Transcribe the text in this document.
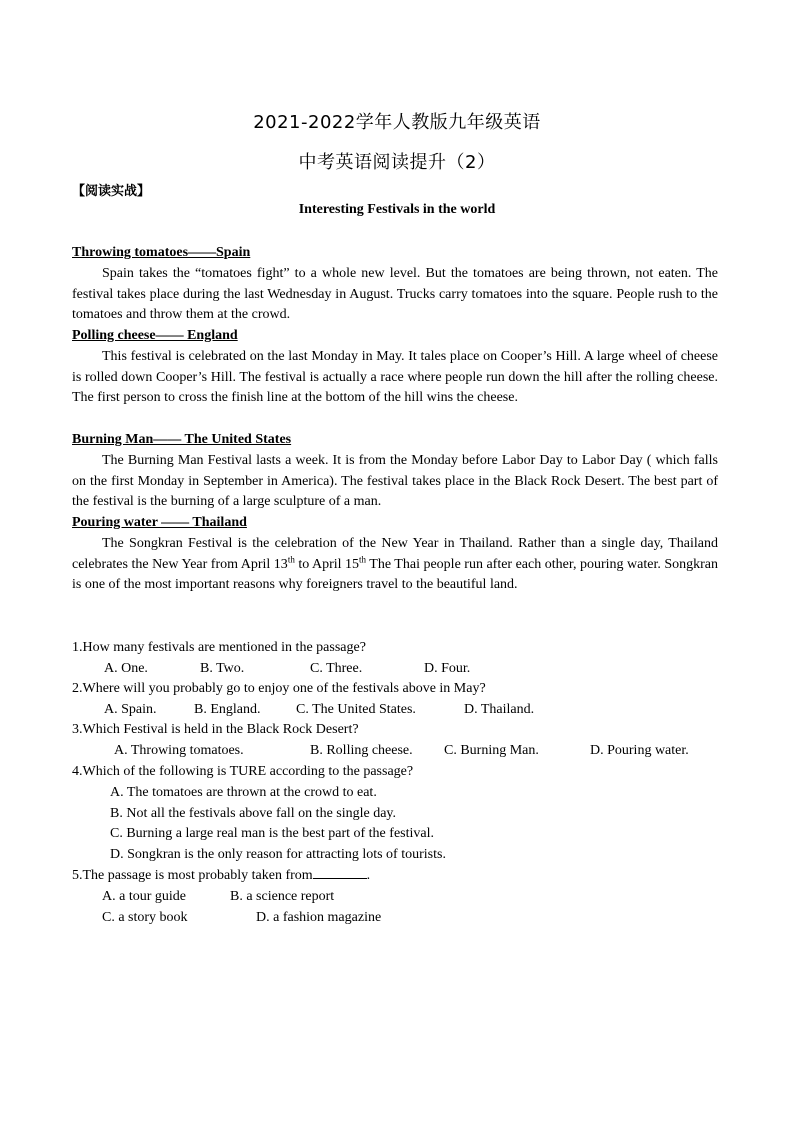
2021-2022学年人教版九年级英语
中考英语阅读提升（2）
【阅读实战】
Interesting Festivals in the world
Throwing tomatoes——Spain
Spain takes the “tomatoes fight” to a whole new level. But the tomatoes are being thrown, not eaten. The festival takes place during the last Wednesday in August. Trucks carry tomatoes into the square. People rush to the tomatoes and throw them at the crowd.
Polling cheese—— England
This festival is celebrated on the last Monday in May. It tales place on Cooper’s Hill. A large wheel of cheese is rolled down Cooper’s Hill. The festival is actually a race where people run down the hill after the rolling cheese. The first person to cross the finish line at the bottom of the hill wins the cheese.
Burning Man—— The United States
The Burning Man Festival lasts a week. It is from the Monday before Labor Day to Labor Day ( which falls on the first Monday in September in America). The festival takes place in the Black Rock Desert. The best part of the festival is the burning of a large sculpture of a man.
Pouring water —— Thailand
The Songkran Festival is the celebration of the New Year in Thailand. Rather than a single day, Thailand celebrates the New Year from April 13th to April 15th The Thai people run after each other, pouring water. Songkran is one of the most important reasons why foreigners travel to the beautiful land.
1.How many festivals are mentioned in the passage?
A. One.	B. Two.	C. Three.	D. Four.
2.Where will you probably go to enjoy one of the festivals above in May?
A. Spain.	B. England.	C. The United States.	D. Thailand.
3.Which Festival is held in the Black Rock Desert?
A. Throwing tomatoes.	B. Rolling cheese. C. Burning Man.	D. Pouring water.
4.Which of the following is TURE according to the passage?
A. The tomatoes are thrown at the crowd to eat.
B. Not all the festivals above fall on the single day.
C. Burning a large real man is the best part of the festival.
D. Songkran is the only reason for attracting lots of tourists.
5.The passage is most probably taken from	.
A. a tour guide	B. a science report
C. a story book	D. a fashion magazine
